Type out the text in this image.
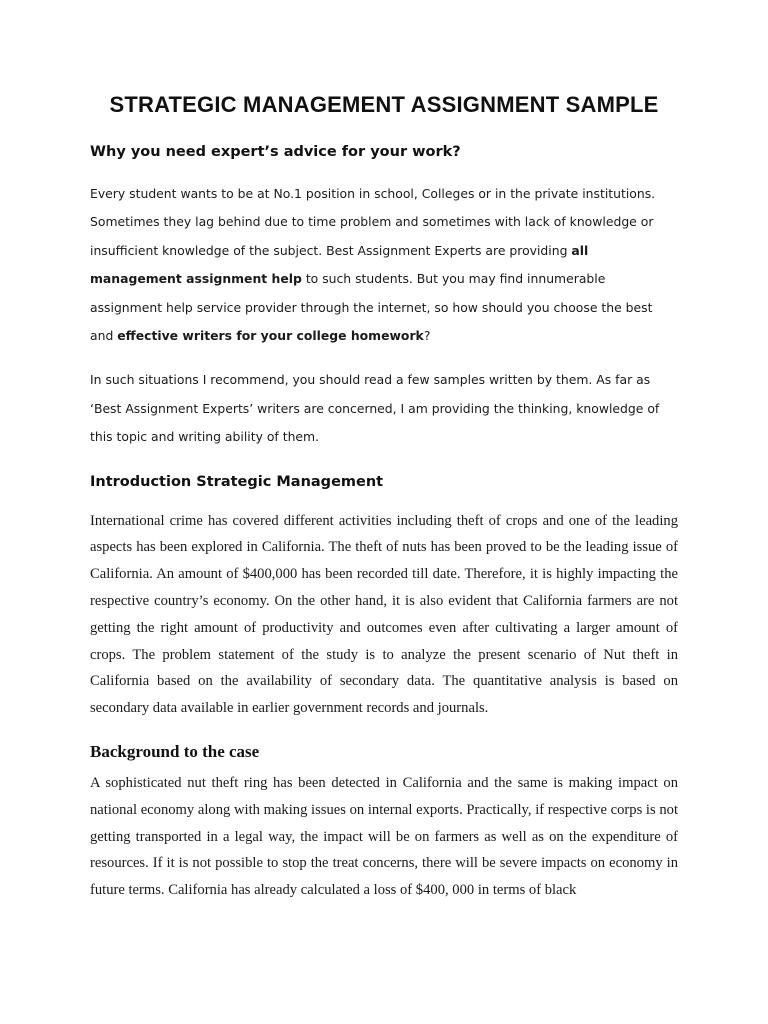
STRATEGIC MANAGEMENT ASSIGNMENT SAMPLE
Why you need expert’s advice for your work?

Every student wants to be at No.1 position in school, Colleges or in the private institutions. Sometimes they lag behind due to time problem and sometimes with lack of knowledge or insufficient knowledge of the subject. Best Assignment Experts are providing all management assignment help to such students. But you may find innumerable assignment help service provider through the internet, so how should you choose the best and effective writers for your college homework?

In such situations I recommend, you should read a few samples written by them. As far as ‘Best Assignment Experts’ writers are concerned, I am providing the thinking, knowledge of this topic and writing ability of them.

Introduction Strategic Management

International crime has covered different activities including theft of crops and one of the leading aspects has been explored in California. The theft of nuts has been proved to be the leading issue of California. An amount of $400,000 has been recorded till date. Therefore, it is highly impacting the respective country’s economy. On the other hand, it is also evident that California farmers are not getting the right amount of productivity and outcomes even after cultivating a larger amount of crops. The problem statement of the study is to analyze the present scenario of Nut theft in California based on the availability of secondary data. The quantitative analysis is based on secondary data available in earlier government records and journals.

Background to the case

A sophisticated nut theft ring has been detected in California and the same is making impact on national economy along with making issues on internal exports. Practically, if respective corps is not getting transported in a legal way, the impact will be on farmers as well as on the expenditure of resources. If it is not possible to stop the treat concerns, there will be severe impacts on economy in future terms. California has already calculated a loss of $400, 000 in terms of black
